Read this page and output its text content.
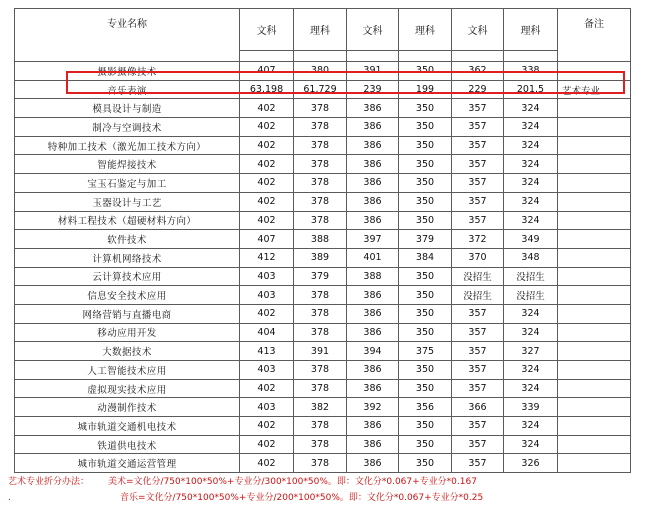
专业名称	文科	理科	文科	理科	文科	理科	备注

摄影摄像技术	407	380	391	350	362	338	
音乐表演	63.198	61.729	239	199	229	201.5	艺术专业
模具设计与制造	402	378	386	350	357	324	
制冷与空调技术	402	378	386	350	357	324	
特种加工技术（激光加工技术方向）	402	378	386	350	357	324	
智能焊接技术	402	378	386	350	357	324	
宝玉石鉴定与加工	402	378	386	350	357	324	
玉器设计与工艺	402	378	386	350	357	324	
材料工程技术（超硬材料方向）	402	378	386	350	357	324	
软件技术	407	388	397	379	372	349	
计算机网络技术	412	389	401	384	370	348	
云计算技术应用	403	379	388	350	没招生	没招生	
信息安全技术应用	403	378	386	350	没招生	没招生	
网络营销与直播电商	402	378	386	350	357	324	
移动应用开发	404	378	386	350	357	324	
大数据技术	413	391	394	375	357	327	
人工智能技术应用	403	378	386	350	357	324	
虚拟现实技术应用	402	378	386	350	357	324	
动漫制作技术	403	382	392	356	366	339	
城市轨道交通机电技术	402	378	386	350	357	324	
铁道供电技术	402	378	386	350	357	324	
城市轨道交通运营管理	402	378	386	350	357	326	
艺术专业折分办法： 美术=文化分/750*100*50%+专业分/300*100*50%。即：文化分*0.067+专业分*0.167
.	音乐=文化分/750*100*50%+专业分/200*100*50%。即：文化分*0.067+专业分*0.25
